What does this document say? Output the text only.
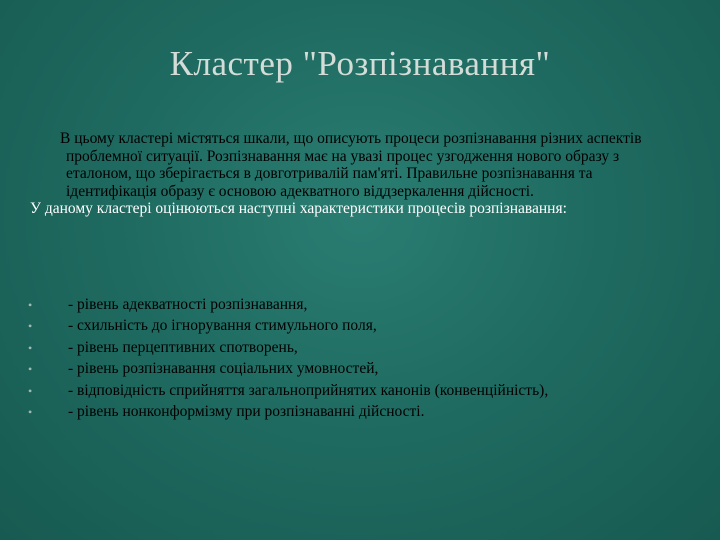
Кластер "Розпізнавання"
В цьому кластері містяться шкали, що описують процеси розпізнавання різних аспектів проблемної ситуації. Розпізнавання має на увазі процес узгодження нового образу з еталоном, що зберігається в довготривалій пам'яті. Правильне розпізнавання та ідентифікація образу є основою адекватного віддзеркалення дійсності.
У даному кластері оцінюються наступні характеристики процесів розпізнавання:
•	- рівень адекватності розпізнавання,
•	- схильність до ігнорування стимульного поля,
•	- рівень перцептивних спотворень,
•	- рівень розпізнавання соціальних умовностей,
•	- відповідність сприйняття загальноприйнятих канонів (конвенційність),
•	- рівень нонконформізму при розпізнаванні дійсності.
